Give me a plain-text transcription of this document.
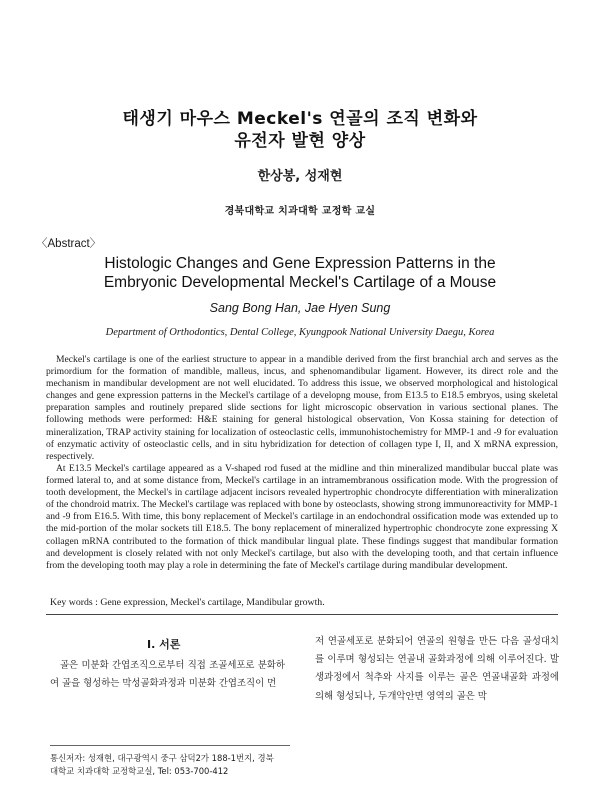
태생기 마우스 Meckel's 연골의 조직 변화와
유전자 발현 양상
한상봉, 성재현
경북대학교 치과대학 교정학 교실
〈Abstract〉
Histologic Changes and Gene Expression Patterns in the
Embryonic Developmental Meckel's Cartilage of a Mouse
Sang Bong Han, Jae Hyen Sung
Department of Orthodontics, Dental College, Kyungpook National University Daegu, Korea

Meckel's cartilage is one of the earliest structure to appear in a mandible derived from the first branchial arch and serves as the primordium for the formation of mandible, malleus, incus, and sphenomandibular ligament. However, its direct role and the mechanism in mandibular development are not well elucidated. To address this issue, we observed morphological and histological changes and gene expression patterns in the Meckel's cartilage of a developng mouse, from E13.5 to E18.5 embryos, using skeletal preparation samples and routinely prepared slide sections for light microscopic observation in various sectional planes. The following methods were performed: H&E staining for general histological observation, Von Kossa staining for detection of mineralization, TRAP activity staining for localization of osteoclastic cells, immunohistochemistry for MMP-1 and -9 for evaluation of enzymatic activity of osteoclastic cells, and in situ hybridization for detection of collagen type I, II, and X mRNA expression, respectively.

At E13.5 Meckel's cartilage appeared as a V-shaped rod fused at the midline and thin mineralized mandibular buccal plate was formed lateral to, and at some distance from, Meckel's cartilage in an intramembranous ossification mode. With the progression of tooth development, the Meckel's in cartilage adjacent incisors revealed hypertrophic chondrocyte differentiation with mineralization of the chondroid matrix. The Meckel's cartilage was replaced with bone by osteoclasts, showing strong immunoreactivity for MMP-1 and -9 from E16.5. With time, this bony replacement of Meckel's cartilage in an endochondral ossification mode was extended up to the mid-portion of the molar sockets till E18.5. The bony replacement of mineralized hypertrophic chondrocyte zone expressing X collagen mRNA contributed to the formation of thick mandibular lingual plate. These findings suggest that mandibular formation and development is closely related with not only Meckel's cartilage, but also with the developing tooth, and that certain influence from the developing tooth may play a role in determining the fate of Meckel's cartilage during mandibular development.

Key words : Gene expression, Meckel's cartilage, Mandibular growth.
I. 서론

골은 미분화 간엽조직으로부터 직접 조골세포로 분화하여 골을 형성하는 막성골화과정과 미분화 간엽조직이 먼

저 연골세포로 분화되어 연골의 원형을 만든 다음 골성대치를 이루며 형성되는 연골내 골화과정에 의해 이루어진다. 발생과정에서 척추와 사지를 이루는 골은 연골내골화 과정에 의해 형성되나, 두개악안면 영역의 골은 막

통신저자: 성재현, 대구광역시 중구 삼덕2가 188-1번지, 경북
대학교 치과대학 교정학교실, Tel: 053-700-412
